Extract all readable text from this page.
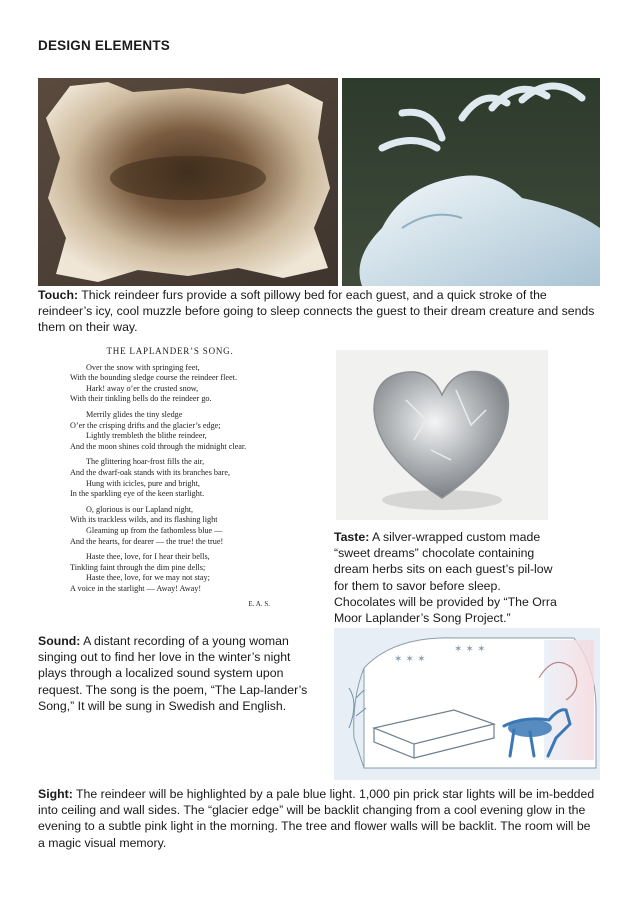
DESIGN ELEMENTS
Touch: Thick reindeer furs provide a soft pillowy bed for each guest, and a quick stroke of the reindeer’s icy, cool muzzle before going to sleep connects the guest to their dream creature and sends them on their way.
THE LAPLANDER’S SONG.
Over the snow with springing feet,
With the bounding sledge course the reindeer fleet.
Hark! away o’er the crusted snow,
With their tinkling bells do the reindeer go.
Merrily glides the tiny sledge
O’er the crisping drifts and the glacier’s edge;
Lightly trembleth the blithe reindeer,
And the moon shines cold through the midnight clear.
The glittering hoar-frost fills the air,
And the dwarf-oak stands with its branches bare,
Hung with icicles, pure and bright,
In the sparkling eye of the keen starlight.
O, glorious is our Lapland night,
With its trackless wilds, and its flashing light
Gleaming up from the fathomless blue —
And the hearts, for dearer — the true! the true!
Haste thee, love, for I hear their bells,
Tinkling faint through the dim pine dells;
Haste thee, love, for we may not stay;
A voice in the starlight — Away! Away!
E. A. S.
Taste: A silver-wrapped custom made “sweet dreams” chocolate containing dream herbs sits on each guest’s pil-low for them to savor before sleep. Chocolates will be provided by “The Orra Moor Laplander’s Song Project.”
Sound: A distant recording of a young woman singing out to find her love in the winter’s night plays through a localized sound system upon request. The song is the poem, “The Lap-lander’s Song,” It will be sung in Swedish and English.
✶ ✶ ✶
✶ ✶ ✶
Sight: The reindeer will be highlighted by a pale blue light. 1,000 pin prick star lights will be im-bedded into ceiling and wall sides. The “glacier edge” will be backlit changing from a cool evening glow in the evening to a subtle pink light in the morning. The tree and flower walls will be backlit. The room will be a magic visual memory.
